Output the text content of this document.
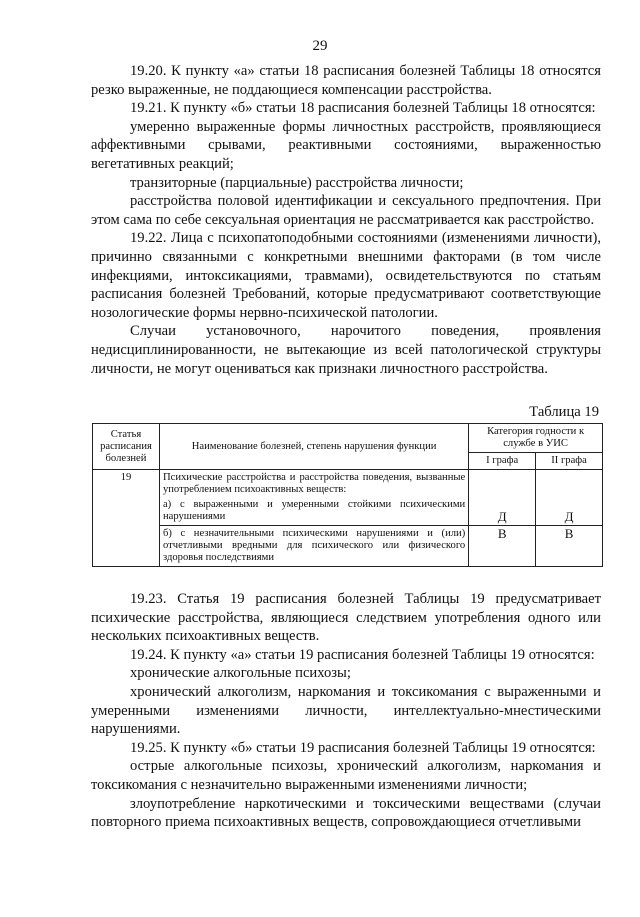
29

19.20. К пункту «а» статьи 18 расписания болезней Таблицы 18 относятся резко выраженные, не поддающиеся компенсации расстройства.

19.21. К пункту «б» статьи 18 расписания болезней Таблицы 18 относятся:

умеренно выраженные формы личностных расстройств, проявляющиеся аффективными срывами, реактивными состояниями, выраженностью вегетативных реакций;

транзиторные (парциальные) расстройства личности;

расстройства половой идентификации и сексуального предпочтения. При этом сама по себе сексуальная ориентация не рассматривается как расстройство.

19.22. Лица с психопатоподобными состояниями (изменениями личности), причинно связанными с конкретными внешними факторами (в том числе инфекциями, интоксикациями, травмами), освидетельствуются по статьям расписания болезней Требований, которые предусматривают соответствующие нозологические формы нервно-психической патологии.

Случаи установочного, нарочитого поведения, проявления недисциплинированности, не вытекающие из всей патологической структуры личности, не могут оцениваться как признаки личностного расстройства.

Таблица 19
Статья расписания болезней	Наименование болезней, степень нарушения функции	Категория годности к службе в УИС	
		I графа	II графа
19	Психические расстройства и расстройства поведения, вызванные употреблением психоактивных веществ:
а) с выраженными и умеренными стойкими психическими нарушениями	Д	Д
	б) с незначительными психическими нарушениями и (или) отчетливыми вредными для психического или физического здоровья последствиями	В	В

19.23. Статья 19 расписания болезней Таблицы 19 предусматривает психические расстройства, являющиеся следствием употребления одного или нескольких психоактивных веществ.

19.24. К пункту «а» статьи 19 расписания болезней Таблицы 19 относятся:

хронические алкогольные психозы;

хронический алкоголизм, наркомания и токсикомания с выраженными и умеренными изменениями личности, интеллектуально-мнестическими нарушениями.

19.25. К пункту «б» статьи 19 расписания болезней Таблицы 19 относятся:

острые алкогольные психозы, хронический алкоголизм, наркомания и токсикомания с незначительно выраженными изменениями личности;

злоупотребление наркотическими и токсическими веществами (случаи повторного приема психоактивных веществ, сопровождающиеся отчетливыми
